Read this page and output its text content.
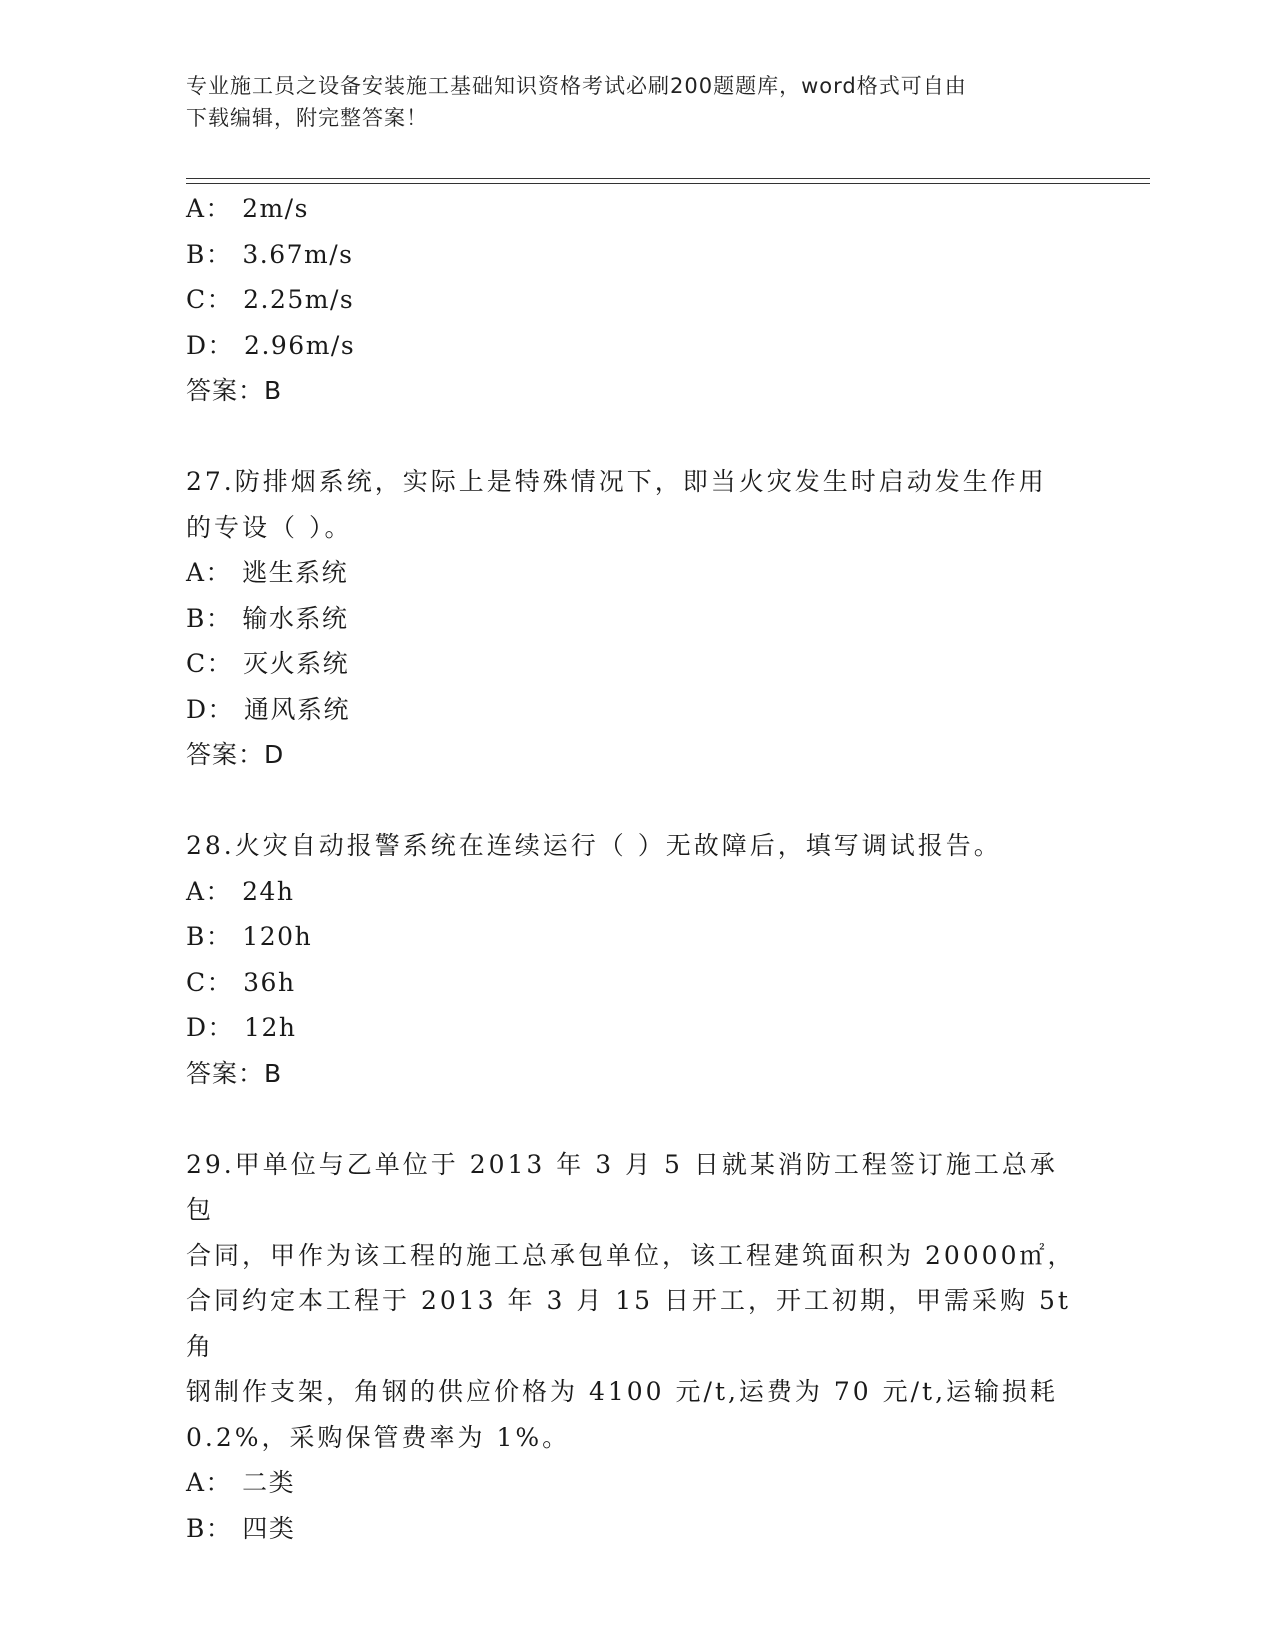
专业施工员之设备安装施工基础知识资格考试必刷200题题库，word格式可自由
下载编辑，附完整答案！
A： 2m/s
B： 3.67m/s
C： 2.25m/s
D： 2.96m/s
答案：B
27.防排烟系统，实际上是特殊情况下，即当火灾发生时启动发生作用
的专设（ ）。
A： 逃生系统
B： 输水系统
C： 灭火系统
D： 通风系统
答案：D
28.火灾自动报警系统在连续运行（ ）无故障后，填写调试报告。
A： 24h
B： 120h
C： 36h
D： 12h
答案：B
29.甲单位与乙单位于 2013 年 3 月 5 日就某消防工程签订施工总承包
合同，甲作为该工程的施工总承包单位，该工程建筑面积为 20000㎡，
合同约定本工程于 2013 年 3 月 15 日开工，开工初期，甲需采购 5t 角
钢制作支架，角钢的供应价格为 4100 元/t,运费为 70 元/t,运输损耗
0.2%，采购保管费率为 1%。
A： 二类
B： 四类
